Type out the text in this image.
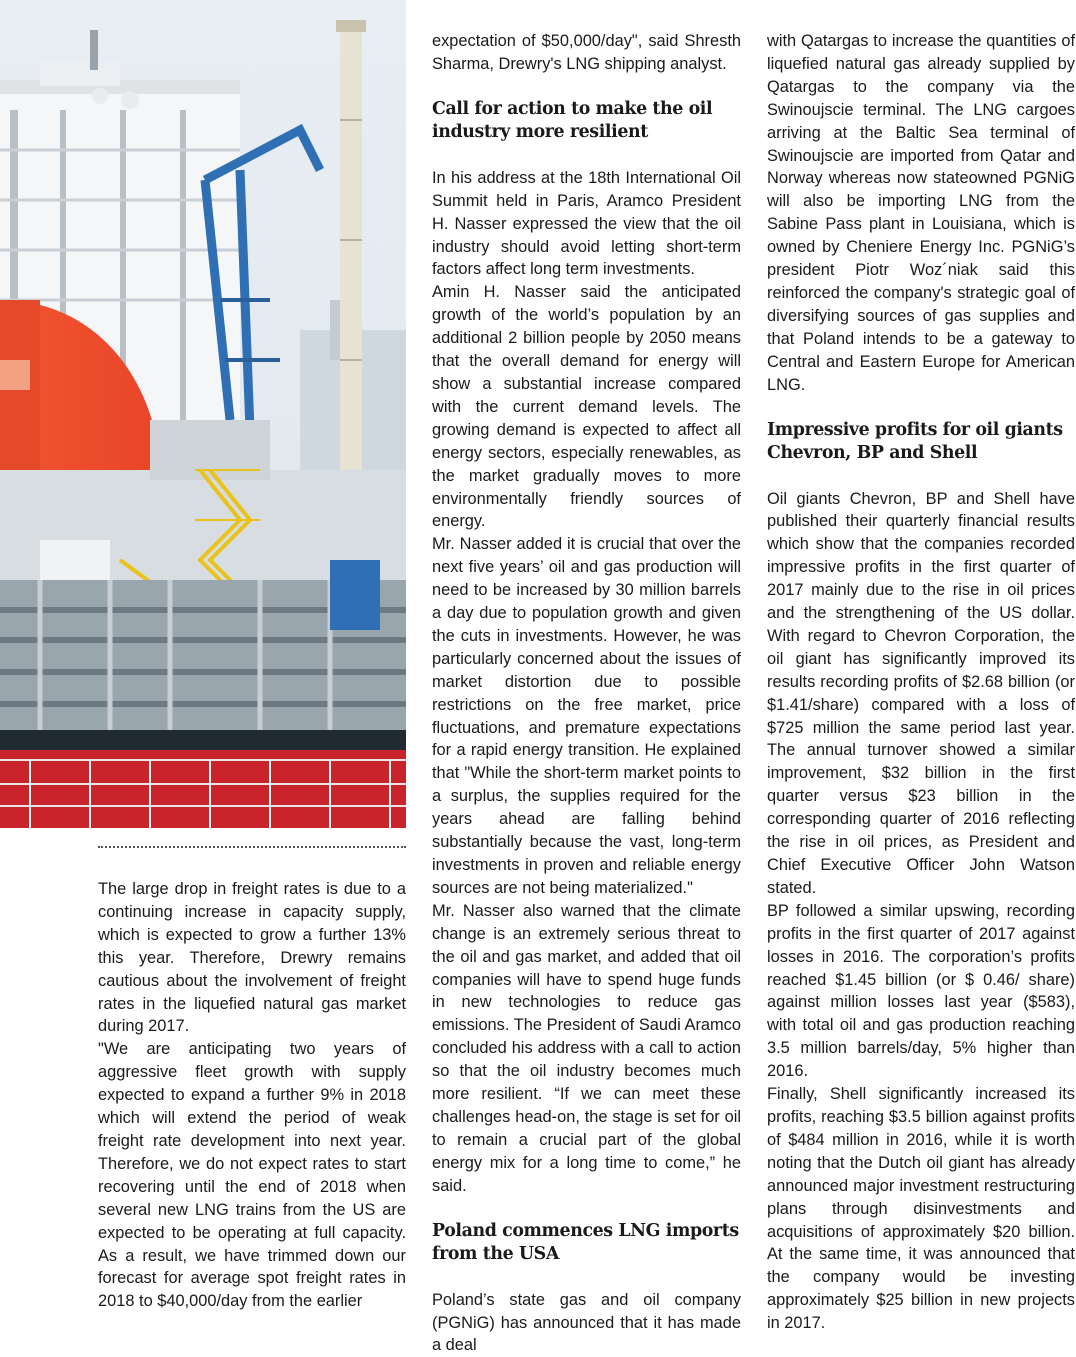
The large drop in freight rates is due to a continuing increase in capacity supply, which is expected to grow a further 13% this year. Therefore, Drewry remains cautious about the involvement of freight rates in the liquefied natural gas market during 2017.

"We are anticipating two years of aggressive fleet growth with supply expected to expand a further 9% in 2018 which will extend the period of weak freight rate development into next year. Therefore, we do not expect rates to start recovering until the end of 2018 when several new LNG trains from the US are expected to be operating at full capacity. As a result, we have trimmed down our forecast for average spot freight rates in 2018 to $40,000/day from the earlier

expectation of $50,000/day", said Shresth Sharma, Drewry's LNG shipping analyst.

Call for action to make the oil industry more resilient

In his address at the 18th International Oil Summit held in Paris, Aramco President H. Nasser expressed the view that the oil industry should avoid letting short-term factors affect long term investments.

Amin H. Nasser said the anticipated growth of the world’s population by an additional 2 billion people by 2050 means that the overall demand for energy will show a substantial increase compared with the current demand levels. The growing demand is expected to affect all energy sectors, especially renewables, as the market gradually moves to more environmentally friendly sources of energy.

Mr. Nasser added it is crucial that over the next five years’ oil and gas production will need to be increased by 30 million barrels a day due to population growth and given the cuts in investments. However, he was particularly concerned about the issues of market distortion due to possible restrictions on the free market, price fluctuations, and premature expectations for a rapid energy transition. He explained that "While the short-term market points to a surplus, the supplies required for the years ahead are falling behind substantially because the vast, long-term investments in proven and reliable energy sources are not being materialized."

Mr. Nasser also warned that the climate change is an extremely serious threat to the oil and gas market, and added that oil companies will have to spend huge funds in new technologies to reduce gas emissions. The President of Saudi Aramco concluded his address with a call to action so that the oil industry becomes much more resilient. “If we can meet these challenges head-on, the stage is set for oil to remain a crucial part of the global energy mix for a long time to come,” he said.

Poland commences LNG imports from the USA

Poland’s state gas and oil company (PGNiG) has announced that it has made a deal

with Qatargas to increase the quantities of liquefied natural gas already supplied by Qatargas to the company via the Swinoujscie terminal. The LNG cargoes arriving at the Baltic Sea terminal of Swinoujscie are imported from Qatar and Norway whereas now stateowned PGNiG will also be importing LNG from the Sabine Pass plant in Louisiana, which is owned by Cheniere Energy Inc. PGNiG’s president Piotr Woz´niak said this reinforced the company's strategic goal of diversifying sources of gas supplies and that Poland intends to be a gateway to Central and Eastern Europe for American LNG.

Impressive profits for oil giants Chevron, BP and Shell

Oil giants Chevron, BP and Shell have published their quarterly financial results which show that the companies recorded impressive profits in the first quarter of 2017 mainly due to the rise in oil prices and the strengthening of the US dollar. With regard to Chevron Corporation, the oil giant has significantly improved its results recording profits of $2.68 billion (or $1.41/share) compared with a loss of $725 million the same period last year. The annual turnover showed a similar improvement, $32 billion in the first quarter versus $23 billion in the corresponding quarter of 2016 reflecting the rise in oil prices, as President and Chief Executive Officer John Watson stated.

BP followed a similar upswing, recording profits in the first quarter of 2017 against losses in 2016. The corporation’s profits reached $1.45 billion (or $ 0.46/ share) against million losses last year ($583), with total oil and gas production reaching 3.5 million barrels/day, 5% higher than 2016.

Finally, Shell significantly increased its profits, reaching $3.5 billion against profits of $484 million in 2016, while it is worth noting that the Dutch oil giant has already announced major investment restructuring plans through disinvestments and acquisitions of approximately $20 billion. At the same time, it was announced that the company would be investing approximately $25 billion in new projects in 2017.
